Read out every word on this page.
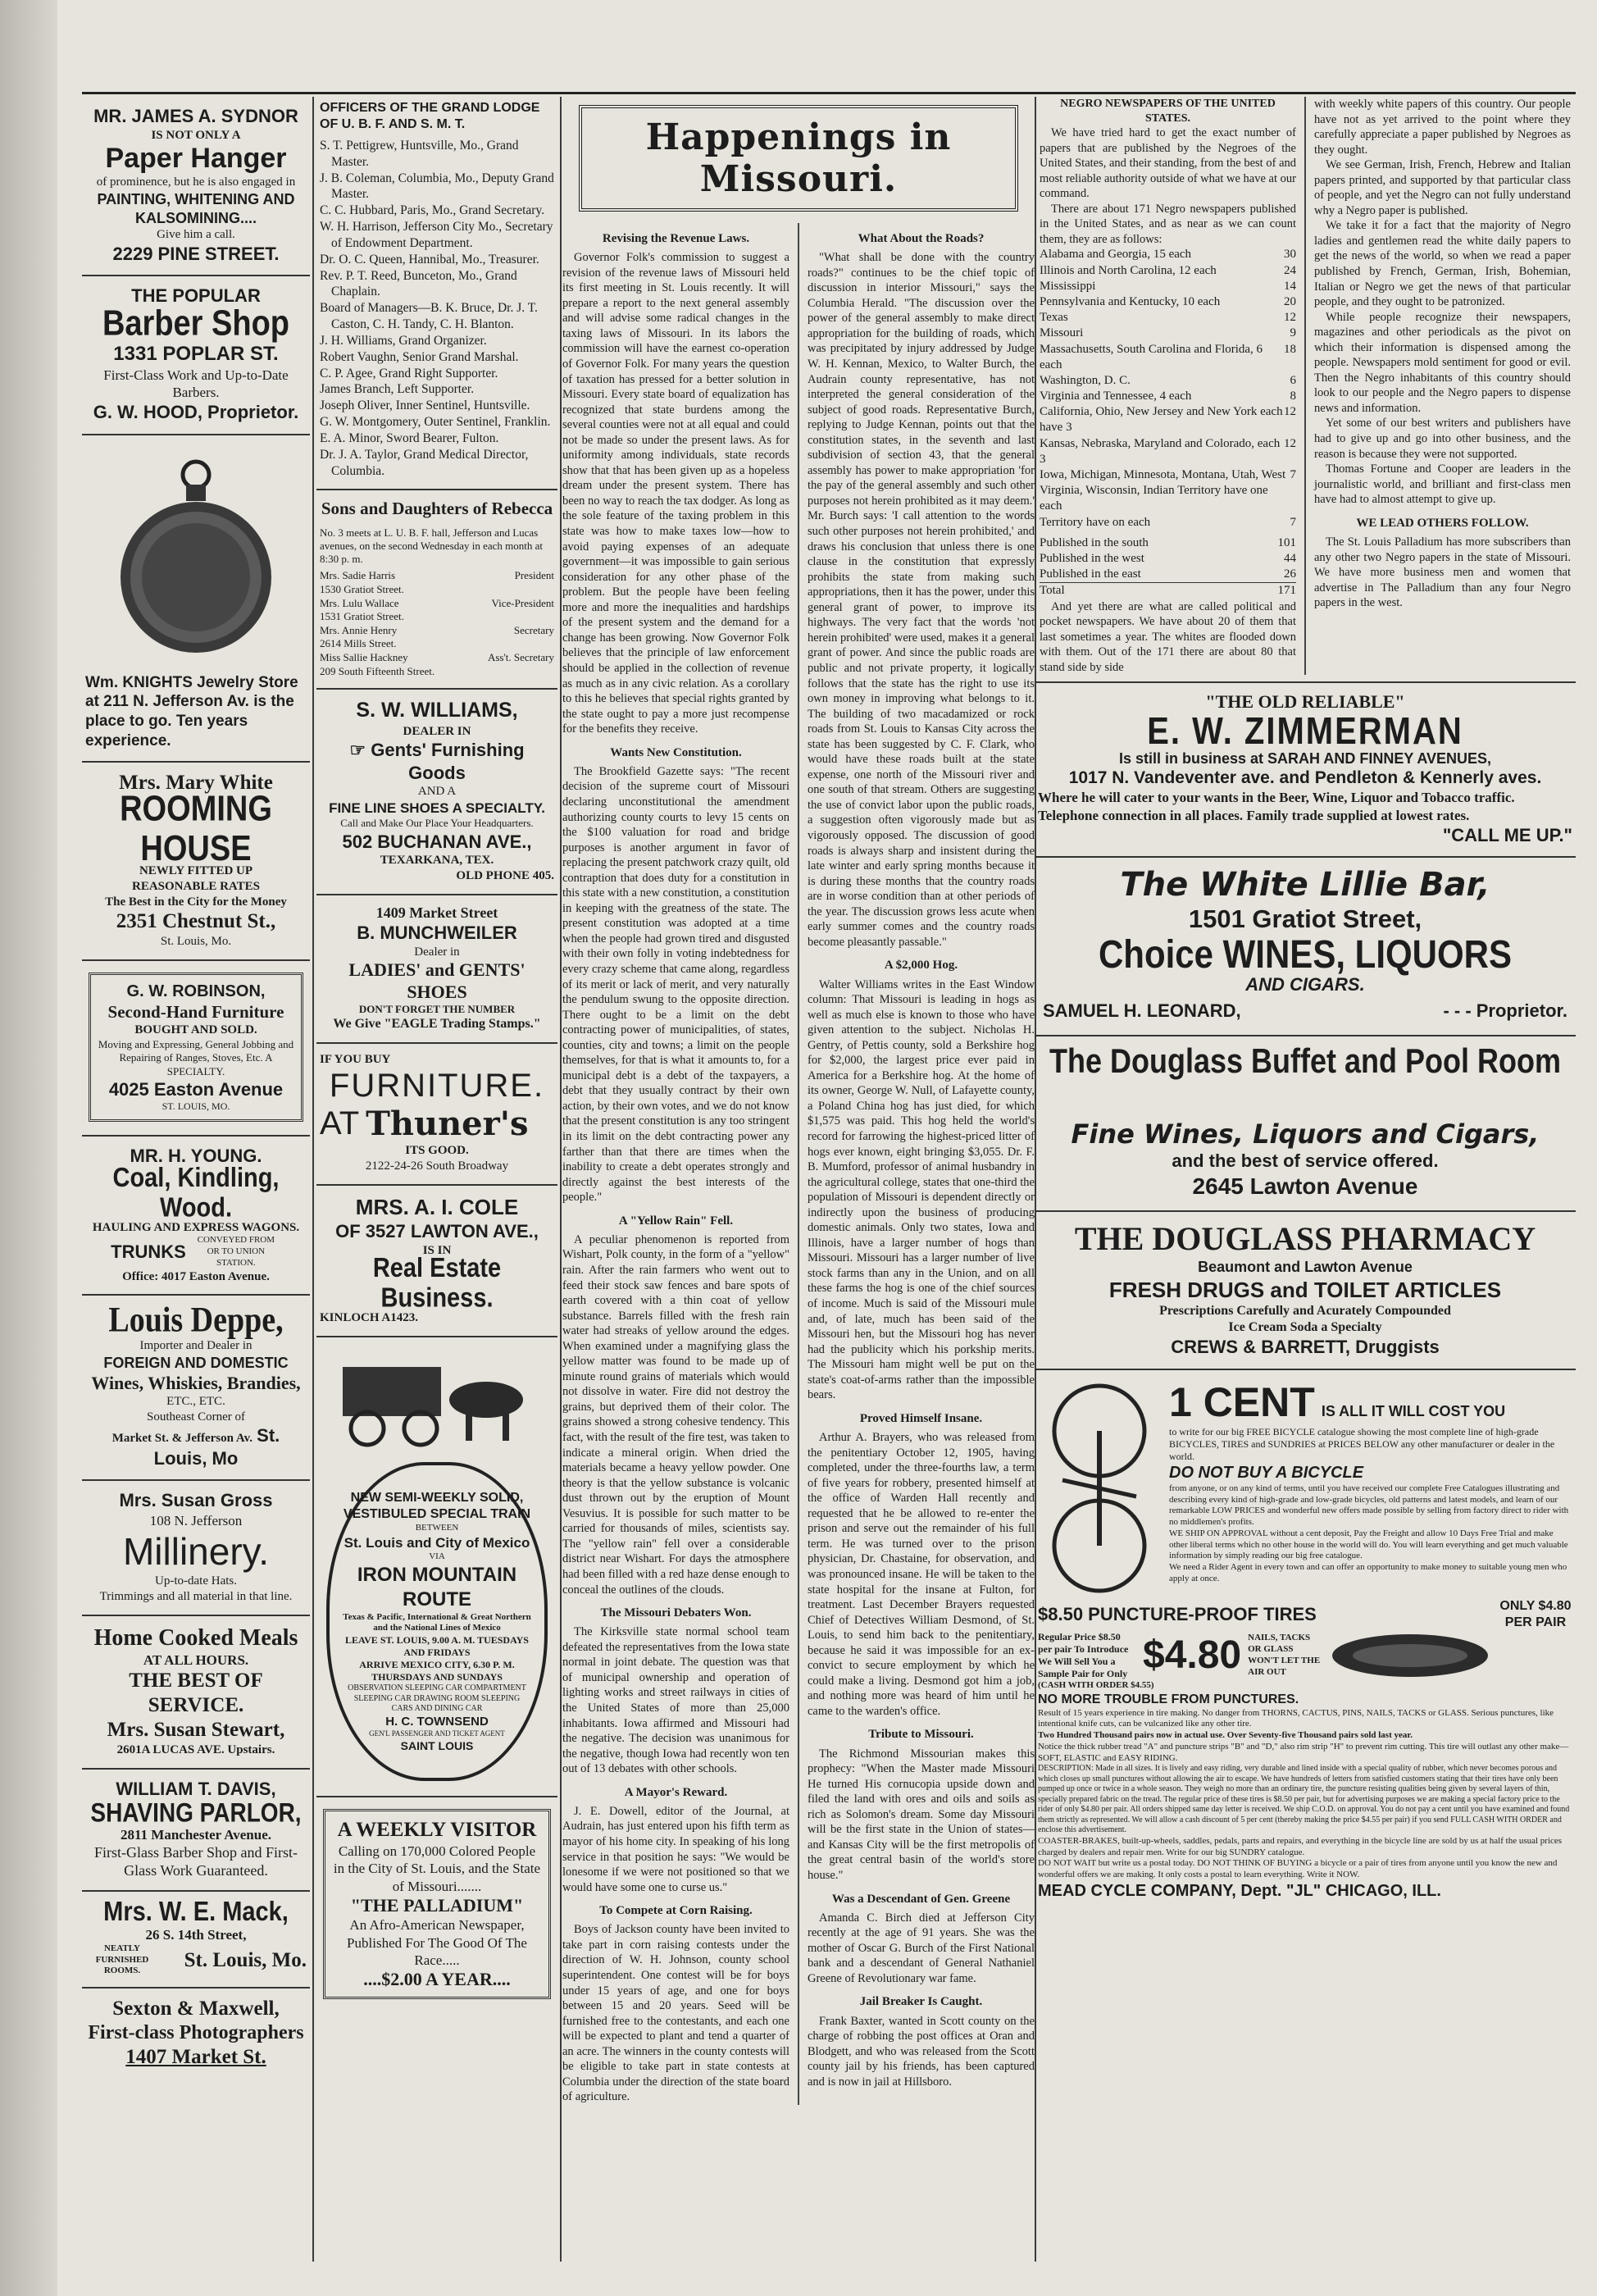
MR. JAMES A. SYDNOR
IS NOT ONLY A
Paper Hanger
of prominence, but he is also engaged in
PAINTING, WHITENING AND KALSOMINING....
Give him a call.
2229 PINE STREET.
THE POPULAR
Barber Shop
1331 POPLAR ST.
First-Class Work and Up-to-Date Barbers.
G. W. HOOD, Proprietor.
Wm. KNIGHTS Jewelry Store at 211 N. Jefferson Av. is the place to go. Ten years experience.
Mrs. Mary White
ROOMING HOUSE
NEWLY FITTED UP
REASONABLE RATES
The Best in the City for the Money
2351 Chestnut St.,
St. Louis, Mo.
G. W. ROBINSON,
Second-Hand Furniture
BOUGHT AND SOLD.
Moving and Expressing, General Jobbing and Repairing of Ranges, Stoves, Etc. A SPECIALTY.
4025 Easton Avenue
ST. LOUIS, MO.
MR. H. YOUNG.
Coal, Kindling, Wood.
HAULING AND EXPRESS WAGONS.
TRUNKS
CONVEYED FROM OR TO UNION STATION.
Office: 4017 Easton Avenue.
Louis Deppe,
Importer and Dealer in
FOREIGN AND DOMESTIC
Wines, Whiskies, Brandies,
ETC., ETC.
Southeast Corner of
Market St. & Jefferson Av. St. Louis, Mo
Mrs. Susan Gross
108 N. Jefferson
Millinery.
Up-to-date Hats.
Trimmings and all material in that line.
Home Cooked Meals
AT ALL HOURS.
THE BEST OF SERVICE.
Mrs. Susan Stewart,
2601A LUCAS AVE. Upstairs.
WILLIAM T. DAVIS,
SHAVING PARLOR,
2811 Manchester Avenue.
First-Glass Barber Shop and First-Glass Work Guaranteed.
Mrs. W. E. Mack,
26 S. 14th Street,
NEATLY FURNISHED ROOMS.	St. Louis, Mo.
Sexton & Maxwell,
First-class Photographers
1407 Market St.
OFFICERS OF THE GRAND LODGE OF U. B. F. AND S. M. T.
S. T. Pettigrew, Huntsville, Mo., Grand Master.
J. B. Coleman, Columbia, Mo., Deputy Grand Master.
C. C. Hubbard, Paris, Mo., Grand Secretary.
W. H. Harrison, Jefferson City Mo., Secretary of Endowment Department.
Dr. O. C. Queen, Hannibal, Mo., Treasurer.
Rev. P. T. Reed, Bunceton, Mo., Grand Chaplain.
Board of Managers—B. K. Bruce, Dr. J. T. Caston, C. H. Tandy, C. H. Blanton.
J. H. Williams, Grand Organizer.
Robert Vaughn, Senior Grand Marshal.
C. P. Agee, Grand Right Supporter.
James Branch, Left Supporter.
Joseph Oliver, Inner Sentinel, Huntsville.
G. W. Montgomery, Outer Sentinel, Franklin.
E. A. Minor, Sword Bearer, Fulton.
Dr. J. A. Taylor, Grand Medical Director, Columbia.
Sons and Daughters of Rebecca
No. 3 meets at L. U. B. F. hall, Jefferson and Lucas avenues, on the second Wednesday in each month at 8:30 p. m.
Mrs. Sadie Harris	President
1530 Gratiot Street.
Mrs. Lulu Wallace	Vice-President
1531 Gratiot Street.
Mrs. Annie Henry	Secretary
2614 Mills Street.
Miss Sallie Hackney	Ass't. Secretary
209 South Fifteenth Street.
S. W. WILLIAMS,
DEALER IN
☞ Gents' Furnishing Goods
AND A
FINE LINE SHOES A SPECIALTY.
Call and Make Our Place Your Headquarters.
502 BUCHANAN AVE.,
TEXARKANA, TEX.
OLD PHONE 405.
1409 Market Street
B. MUNCHWEILER
Dealer in
LADIES' and GENTS' SHOES
DON'T FORGET THE NUMBER
We Give "EAGLE Trading Stamps."
IF YOU BUY
FURNITURE.
AT Thuner's
ITS GOOD.
2122-24-26 South Broadway
MRS. A. I. COLE
OF 3527 LAWTON AVE.,
IS IN
Real Estate Business.
KINLOCH A1423.
NEW SEMI-WEEKLY SOLID, VESTIBULED SPECIAL TRAIN
BETWEEN
St. Louis and City of Mexico
VIA
IRON MOUNTAIN ROUTE
Texas & Pacific, International & Great Northern and the National Lines of Mexico
LEAVE ST. LOUIS, 9.00 A. M. TUESDAYS AND FRIDAYS
ARRIVE MEXICO CITY, 6.30 P. M. THURSDAYS AND SUNDAYS
OBSERVATION SLEEPING CAR COMPARTMENT SLEEPING CAR DRAWING ROOM SLEEPING CARS AND DINING CAR
H. C. TOWNSEND
GEN'L PASSENGER AND TICKET AGENT
SAINT LOUIS
A WEEKLY VISITOR
Calling on 170,000 Colored People in the City of St. Louis, and the State of Missouri.......
"THE PALLADIUM"
An Afro-American Newspaper, Published For The Good Of The Race.....
....$2.00 A YEAR....
Happenings in Missouri.
Revising the Revenue Laws.

Governor Folk's commission to suggest a revision of the revenue laws of Missouri held its first meeting in St. Louis recently. It will prepare a report to the next general assembly and will advise some radical changes in the taxing laws of Missouri. In its labors the commission will have the earnest co-operation of Governor Folk. For many years the question of taxation has pressed for a better solution in Missouri. Every state board of equalization has recognized that state burdens among the several counties were not at all equal and could not be made so under the present laws. As for uniformity among individuals, state records show that that has been given up as a hopeless dream under the present system. There has been no way to reach the tax dodger. As long as the sole feature of the taxing problem in this state was how to make taxes low—how to avoid paying expenses of an adequate government—it was impossible to gain serious consideration for any other phase of the problem. But the people have been feeling more and more the inequalities and hardships of the present system and the demand for a change has been growing. Now Governor Folk believes that the principle of law enforcement should be applied in the collection of revenue as much as in any civic relation. As a corollary to this he believes that special rights granted by the state ought to pay a more just recompense for the benefits they receive.

Wants New Constitution.

The Brookfield Gazette says: "The recent decision of the supreme court of Missouri declaring unconstitutional the amendment authorizing county courts to levy 15 cents on the $100 valuation for road and bridge purposes is another argument in favor of replacing the present patchwork crazy quilt, old contraption that does duty for a constitution in this state with a new constitution, a constitution in keeping with the greatness of the state. The present constitution was adopted at a time when the people had grown tired and disgusted with their own folly in voting indebtedness for every crazy scheme that came along, regardless of its merit or lack of merit, and very naturally the pendulum swung to the opposite direction. There ought to be a limit on the debt contracting power of municipalities, of states, counties, city and towns; a limit on the people themselves, for that is what it amounts to, for a municipal debt is a debt of the taxpayers, a debt that they usually contract by their own action, by their own votes, and we do not know that the present constitution is any too stringent in its limit on the debt contracting power any farther than that there are times when the inability to create a debt operates strongly and directly against the best interests of the people."

A "Yellow Rain" Fell.

A peculiar phenomenon is reported from Wishart, Polk county, in the form of a "yellow" rain. After the rain farmers who went out to feed their stock saw fences and bare spots of earth covered with a thin coat of yellow substance. Barrels filled with the fresh rain water had streaks of yellow around the edges. When examined under a magnifying glass the yellow matter was found to be made up of minute round grains of materials which would not dissolve in water. Fire did not destroy the grains, but deprived them of their color. The grains showed a strong cohesive tendency. This fact, with the result of the fire test, was taken to indicate a mineral origin. When dried the materials became a heavy yellow powder. One theory is that the yellow substance is volcanic dust thrown out by the eruption of Mount Vesuvius. It is possible for such matter to be carried for thousands of miles, scientists say. The "yellow rain" fell over a considerable district near Wishart. For days the atmosphere had been filled with a red haze dense enough to conceal the outlines of the clouds.

The Missouri Debaters Won.

The Kirksville state normal school team defeated the representatives from the Iowa state normal in joint debate. The question was that of municipal ownership and operation of lighting works and street railways in cities of the United States of more than 25,000 inhabitants. Iowa affirmed and Missouri had the negative. The decision was unanimous for the negative, though Iowa had recently won ten out of 13 debates with other schools.

A Mayor's Reward.

J. E. Dowell, editor of the Journal, at Audrain, has just entered upon his fifth term as mayor of his home city. In speaking of his long service in that position he says: "We would be lonesome if we were not positioned so that we would have some one to curse us."

To Compete at Corn Raising.

Boys of Jackson county have been invited to take part in corn raising contests under the direction of W. H. Johnson, county school superintendent. One contest will be for boys under 15 years of age, and one for boys between 15 and 20 years. Seed will be furnished free to the contestants, and each one will be expected to plant and tend a quarter of an acre. The winners in the county contests will be eligible to take part in state contests at Columbia under the direction of the state board of agriculture.

What About the Roads?

"What shall be done with the country roads?" continues to be the chief topic of discussion in interior Missouri," says the Columbia Herald. "The discussion over the power of the general assembly to make direct appropriation for the building of roads, which was precipitated by injury addressed by Judge W. H. Kennan, Mexico, to Walter Burch, the Audrain county representative, has not interpreted the general consideration of the subject of good roads. Representative Burch, replying to Judge Kennan, points out that the constitution states, in the seventh and last subdivision of section 43, that the general assembly has power to make appropriation 'for the pay of the general assembly and such other purposes not herein prohibited as it may deem.' Mr. Burch says: 'I call attention to the words such other purposes not herein prohibited,' and draws his conclusion that unless there is one clause in the constitution that expressly prohibits the state from making such appropriations, then it has the power, under this general grant of power, to improve its highways. The very fact that the words 'not herein prohibited' were used, makes it a general grant of power. And since the public roads are public and not private property, it logically follows that the state has the right to use its own money in improving what belongs to it. The building of two macadamized or rock roads from St. Louis to Kansas City across the state has been suggested by C. F. Clark, who would have these roads built at the state expense, one north of the Missouri river and one south of that stream. Others are suggesting the use of convict labor upon the public roads, a suggestion often vigorously made but as vigorously opposed. The discussion of good roads is always sharp and insistent during the late winter and early spring months because it is during these months that the country roads are in worse condition than at other periods of the year. The discussion grows less acute when early summer comes and the country roads become pleasantly passable."

A $2,000 Hog.

Walter Williams writes in the East Window column: That Missouri is leading in hogs as well as much else is known to those who have given attention to the subject. Nicholas H. Gentry, of Pettis county, sold a Berkshire hog for $2,000, the largest price ever paid in America for a Berkshire hog. At the home of its owner, George W. Null, of Lafayette county, a Poland China hog has just died, for which $1,575 was paid. This hog held the world's record for farrowing the highest-priced litter of hogs ever known, eight bringing $3,055. Dr. F. B. Mumford, professor of animal husbandry in the agricultural college, states that one-third the population of Missouri is dependent directly or indirectly upon the business of producing domestic animals. Only two states, Iowa and Illinois, have a larger number of hogs than Missouri. Missouri has a larger number of live stock farms than any in the Union, and on all these farms the hog is one of the chief sources of income. Much is said of the Missouri mule and, of late, much has been said of the Missouri hen, but the Missouri hog has never had the publicity which his porkship merits. The Missouri ham might well be put on the state's coat-of-arms rather than the impossible bears.

Proved Himself Insane.

Arthur A. Brayers, who was released from the penitentiary October 12, 1905, having completed, under the three-fourths law, a term of five years for robbery, presented himself at the office of Warden Hall recently and requested that he be allowed to re-enter the prison and serve out the remainder of his full term. He was turned over to the prison physician, Dr. Chastaine, for observation, and was pronounced insane. He will be taken to the state hospital for the insane at Fulton, for treatment. Last December Brayers requested Chief of Detectives William Desmond, of St. Louis, to send him back to the penitentiary, because he said it was impossible for an ex-convict to secure employment by which he could make a living. Desmond got him a job, and nothing more was heard of him until he came to the warden's office.

Tribute to Missouri.

The Richmond Missourian makes this prophecy: "When the Master made Missouri He turned His cornucopia upside down and filed the land with ores and oils and soils as rich as Solomon's dream. Some day Missouri will be the first state in the Union of states—and Kansas City will be the first metropolis of the great central basin of the world's store house."

Was a Descendant of Gen. Greene

Amanda C. Birch died at Jefferson City recently at the age of 91 years. She was the mother of Oscar G. Burch of the First National bank and a descendant of General Nathaniel Greene of Revolutionary war fame.

Jail Breaker Is Caught.

Frank Baxter, wanted in Scott county on the charge of robbing the post offices at Oran and Blodgett, and who was released from the Scott county jail by his friends, has been captured and is now in jail at Hillsboro.

NEGRO NEWSPAPERS OF THE UNITED STATES.
We have tried hard to get the exact number of papers that are published by the Negroes of the United States, and their standing, from the best of and most reliable authority outside of what we have at our command.
There are about 171 Negro newspapers published in the United States, and as near as we can count them, they are as follows:
Alabama and Georgia, 15 each	30
Illinois and North Carolina, 12 each	24
Mississippi	14
Pennsylvania and Kentucky, 10 each	20
Texas	12
Missouri	9
Massachusetts, South Carolina and Florida, 6 each
18
Washington, D. C.	6
Virginia and Tennessee, 4 each	8
California, Ohio, New Jersey and New York each have 3
12
Kansas, Nebraska, Maryland and Colorado, each 3
12
Iowa, Michigan, Minnesota, Montana, Utah, West Virginia, Wisconsin, Indian Territory have one each
7
Territory have on each	7
Published in the south	101
Published in the west	44
Published in the east	26
Total	171
And yet there are what are called political and pocket newspapers. We have about 20 of them that last sometimes a year. The whites are flooded down with them. Out of the 171 there are about 80 that stand side by side

with weekly white papers of this country. Our people have not as yet arrived to the point where they carefully appreciate a paper published by Negroes as they ought.

We see German, Irish, French, Hebrew and Italian papers printed, and supported by that particular class of people, and yet the Negro can not fully understand why a Negro paper is published.

We take it for a fact that the majority of Negro ladies and gentlemen read the white daily papers to get the news of the world, so when we read a paper published by French, German, Irish, Bohemian, Italian or Negro we get the news of that particular people, and they ought to be patronized.

While people recognize their newspapers, magazines and other periodicals as the pivot on which their information is dispensed among the people. Newspapers mold sentiment for good or evil. Then the Negro inhabitants of this country should look to our people and the Negro papers to dispense news and information.

Yet some of our best writers and publishers have had to give up and go into other business, and the reason is because they were not supported.

Thomas Fortune and Cooper are leaders in the journalistic world, and brilliant and first-class men have had to almost attempt to give up.

WE LEAD OTHERS FOLLOW.

The St. Louis Palladium has more subscribers than any other two Negro papers in the state of Missouri. We have more business men and women that advertise in The Palladium than any four Negro papers in the west.

"THE OLD RELIABLE"
E. W. ZIMMERMAN
Is still in business at SARAH AND FINNEY AVENUES,
1017 N. Vandeventer ave. and Pendleton & Kennerly aves.
Where he will cater to your wants in the Beer, Wine, Liquor and Tobacco traffic. Telephone connection in all places. Family trade supplied at lowest rates.
"CALL ME UP."
The White Lillie Bar,
1501 Gratiot Street,
Choice WINES, LIQUORS
AND CIGARS.
SAMUEL H. LEONARD,	- - - Proprietor.
The Douglass Buffet and Pool Room
Fine Wines, Liquors and Cigars,
and the best of service offered.
2645 Lawton Avenue
THE DOUGLASS PHARMACY
Beaumont and Lawton Avenue
FRESH DRUGS and TOILET ARTICLES
Prescriptions Carefully and Acurately Compounded
Ice Cream Soda a Specialty
CREWS & BARRETT, Druggists
1 CENT IS ALL IT WILL COST YOU
to write for our big FREE BICYCLE catalogue showing the most complete line of high-grade BICYCLES, TIRES and SUNDRIES at PRICES BELOW any other manufacturer or dealer in the world.
DO NOT BUY A BICYCLE
from anyone, or on any kind of terms, until you have received our complete Free Catalogues illustrating and describing every kind of high-grade and low-grade bicycles, old patterns and latest models, and learn of our remarkable LOW PRICES and wonderful new offers made possible by selling from factory direct to rider with no middlemen's profits.
WE SHIP ON APPROVAL without a cent deposit, Pay the Freight and allow 10 Days Free Trial and make other liberal terms which no other house in the world will do. You will learn everything and get much valuable information by simply reading our big free catalogue.
We need a Rider Agent in every town and can offer an opportunity to make money to suitable young men who apply at once.
$8.50 PUNCTURE-PROOF TIRES	ONLY $4.80 PER PAIR
Regular Price $8.50 per pair To Introduce We Will Sell You a Sample Pair for Only $4.80 NAILS, TACKS OR GLASS WON'T LET THE AIR OUT
(CASH WITH ORDER $4.55)
NO MORE TROUBLE FROM PUNCTURES.
Result of 15 years experience in tire making. No danger from THORNS, CACTUS, PINS, NAILS, TACKS or GLASS. Serious punctures, like intentional knife cuts, can be vulcanized like any other tire.
Two Hundred Thousand pairs now in actual use. Over Seventy-five Thousand pairs sold last year.
Notice the thick rubber tread "A" and puncture strips "B" and "D," also rim strip "H" to prevent rim cutting. This tire will outlast any other make—SOFT, ELASTIC and EASY RIDING.
DESCRIPTION: Made in all sizes. It is lively and easy riding, very durable and lined inside with a special quality of rubber, which never becomes porous and which closes up small punctures without allowing the air to escape. We have hundreds of letters from satisfied customers stating that their tires have only been pumped up once or twice in a whole season. They weigh no more than an ordinary tire, the puncture resisting qualities being given by several layers of thin, specially prepared fabric on the tread. The regular price of these tires is $8.50 per pair, but for advertising purposes we are making a special factory price to the rider of only $4.80 per pair. All orders shipped same day letter is received. We ship C.O.D. on approval. You do not pay a cent until you have examined and found them strictly as represented. We will allow a cash discount of 5 per cent (thereby making the price $4.55 per pair) if you send FULL CASH WITH ORDER and enclose this advertisement.
COASTER-BRAKES, built-up-wheels, saddles, pedals, parts and repairs, and everything in the bicycle line are sold by us at half the usual prices charged by dealers and repair men. Write for our big SUNDRY catalogue.
DO NOT WAIT but write us a postal today. DO NOT THINK OF BUYING a bicycle or a pair of tires from anyone until you know the new and wonderful offers we are making. It only costs a postal to learn everything. Write it NOW.
MEAD CYCLE COMPANY, Dept. "JL" CHICAGO, ILL.
